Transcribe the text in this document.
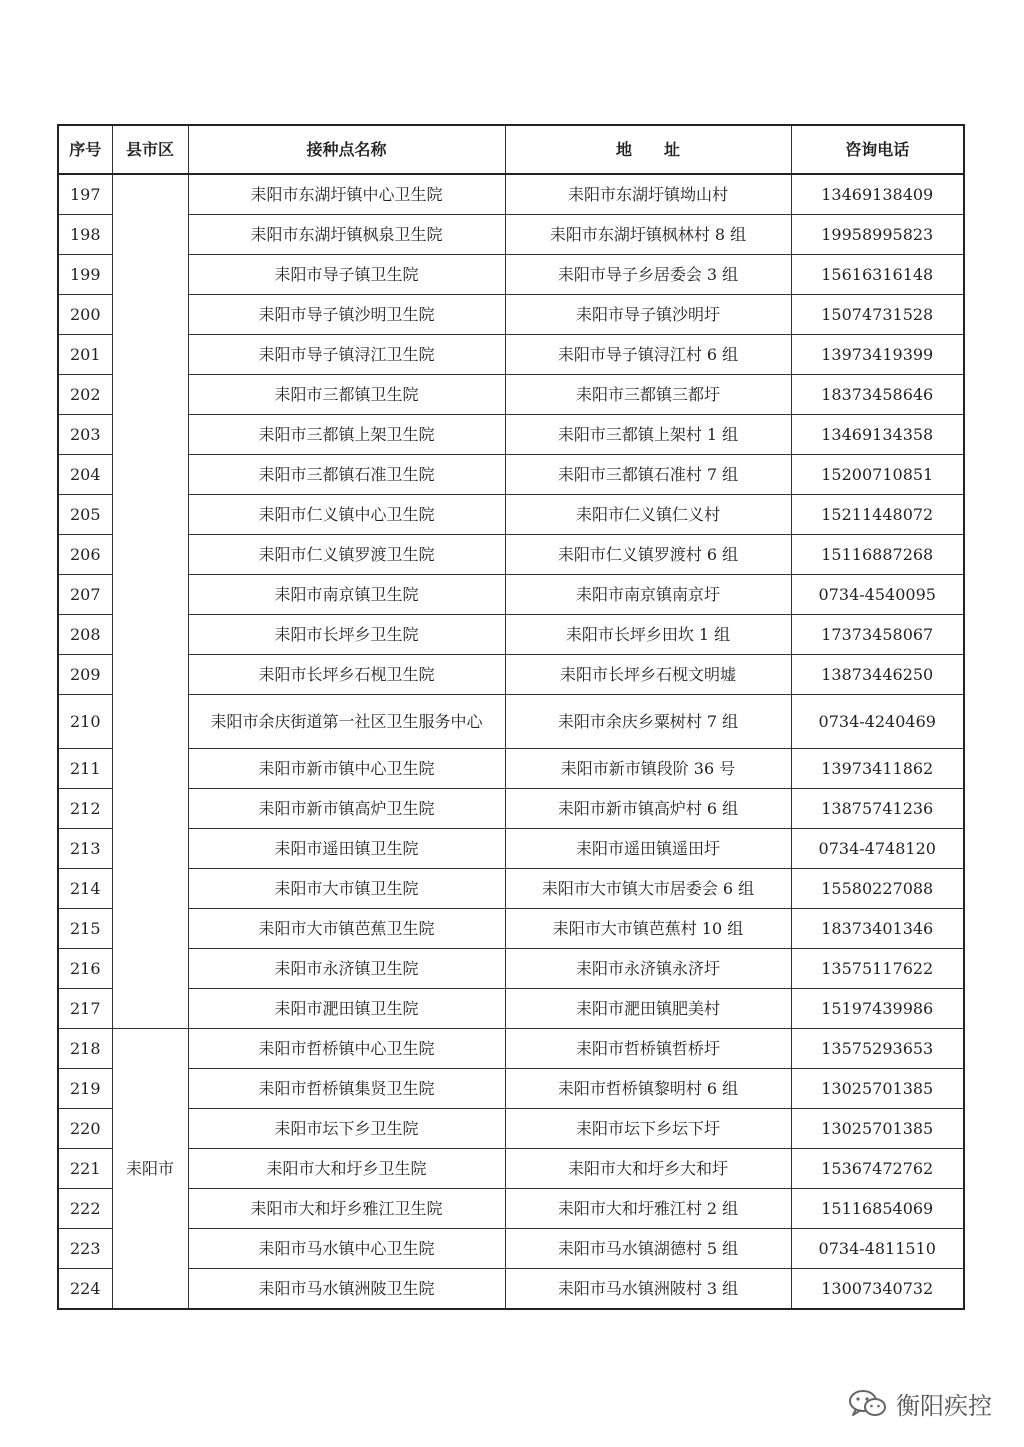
序号	县市区	接种点名称	地　　址	咨询电话
197		耒阳市东湖圩镇中心卫生院	耒阳市东湖圩镇坳山村	13469138409
198		耒阳市东湖圩镇枫泉卫生院	耒阳市东湖圩镇枫林村 8 组	19958995823
199		耒阳市导子镇卫生院	耒阳市导子乡居委会 3 组	15616316148
200		耒阳市导子镇沙明卫生院	耒阳市导子镇沙明圩	15074731528
201		耒阳市导子镇浔江卫生院	耒阳市导子镇浔江村 6 组	13973419399
202		耒阳市三都镇卫生院	耒阳市三都镇三都圩	18373458646
203		耒阳市三都镇上架卫生院	耒阳市三都镇上架村 1 组	13469134358
204		耒阳市三都镇石准卫生院	耒阳市三都镇石准村 7 组	15200710851
205		耒阳市仁义镇中心卫生院	耒阳市仁义镇仁义村	15211448072
206		耒阳市仁义镇罗渡卫生院	耒阳市仁义镇罗渡村 6 组	15116887268
207		耒阳市南京镇卫生院	耒阳市南京镇南京圩	0734-4540095
208		耒阳市长坪乡卫生院	耒阳市长坪乡田坎 1 组	17373458067
209		耒阳市长坪乡石枧卫生院	耒阳市长坪乡石枧文明墟	13873446250
210		耒阳市余庆街道第一社区卫生服务中心	耒阳市余庆乡粟树村 7 组	0734-4240469
211		耒阳市新市镇中心卫生院	耒阳市新市镇段阶 36 号	13973411862
212		耒阳市新市镇高炉卫生院	耒阳市新市镇高炉村 6 组	13875741236
213		耒阳市遥田镇卫生院	耒阳市遥田镇遥田圩	0734-4748120
214		耒阳市大市镇卫生院	耒阳市大市镇大市居委会 6 组	15580227088
215		耒阳市大市镇芭蕉卫生院	耒阳市大市镇芭蕉村 10 组	18373401346
216		耒阳市永济镇卫生院	耒阳市永济镇永济圩	13575117622
217		耒阳市淝田镇卫生院	耒阳市淝田镇肥美村	15197439986
218	耒阳市	耒阳市哲桥镇中心卫生院	耒阳市哲桥镇哲桥圩	13575293653
219		耒阳市哲桥镇集贤卫生院	耒阳市哲桥镇黎明村 6 组	13025701385
220		耒阳市坛下乡卫生院	耒阳市坛下乡坛下圩	13025701385
221		耒阳市大和圩乡卫生院	耒阳市大和圩乡大和圩	15367472762
222		耒阳市大和圩乡雅江卫生院	耒阳市大和圩雅江村 2 组	15116854069
223		耒阳市马水镇中心卫生院	耒阳市马水镇湖德村 5 组	0734-4811510
224		耒阳市马水镇洲陂卫生院	耒阳市马水镇洲陂村 3 组	13007340732
衡阳疾控
